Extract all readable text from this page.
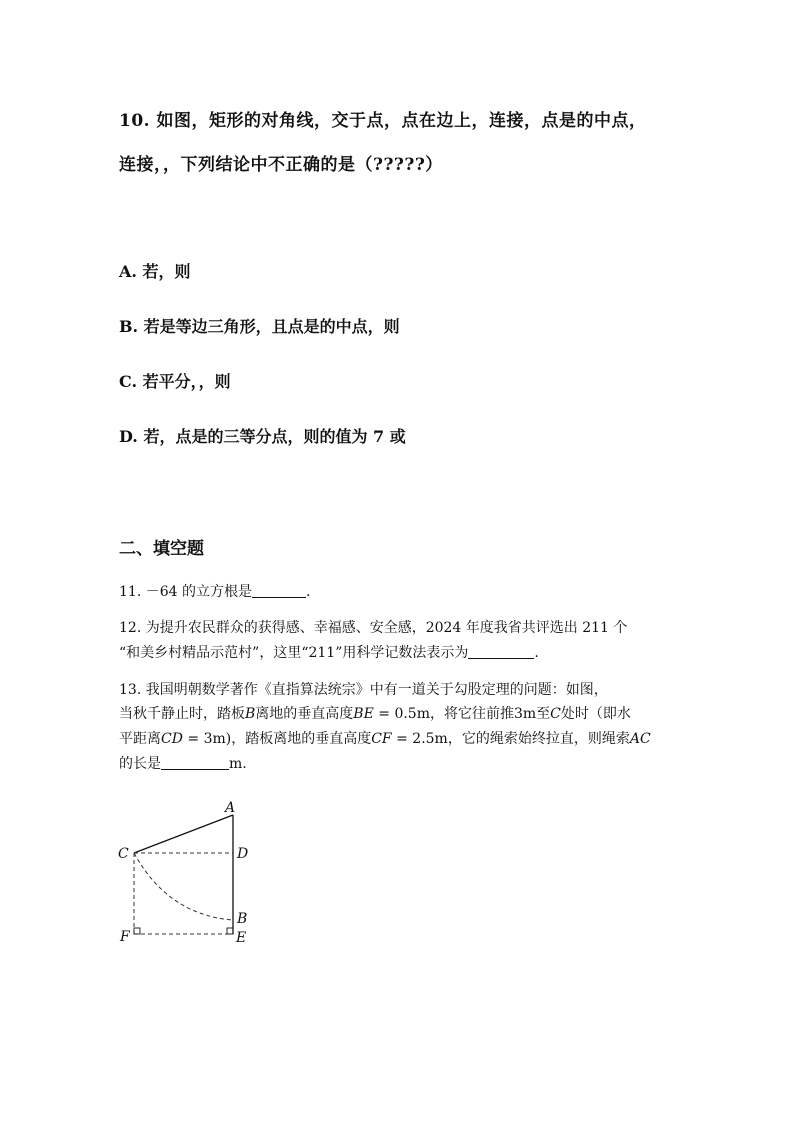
10. 如图，矩形的对角线，交于点，点在边上，连接，点是的中点，
连接，，下列结论中不正确的是（?????）
A. 若，则
B. 若是等边三角形，且点是的中点，则
C. 若平分，，则
D. 若，点是的三等分点，则的值为 7 或
二、填空题
11. －64 的立方根是	.
12. 为提升农民群众的获得感、幸福感、安全感，2024 年度我省共评选出 211 个
“和美乡村精品示范村”，这里“211”用科学记数法表示为	.
13. 我国明朝数学著作《直指算法统宗》中有一道关于勾股定理的问题：如图，
当秋千静止时，踏板B离地的垂直高度BE = 0.5m，将它往前推3m至C处时（即水
平距离CD = 3m)，踏板离地的垂直高度CF = 2.5m，它的绳索始终拉直，则绳索AC
的长是	m.
A
C	D
B
F	E
